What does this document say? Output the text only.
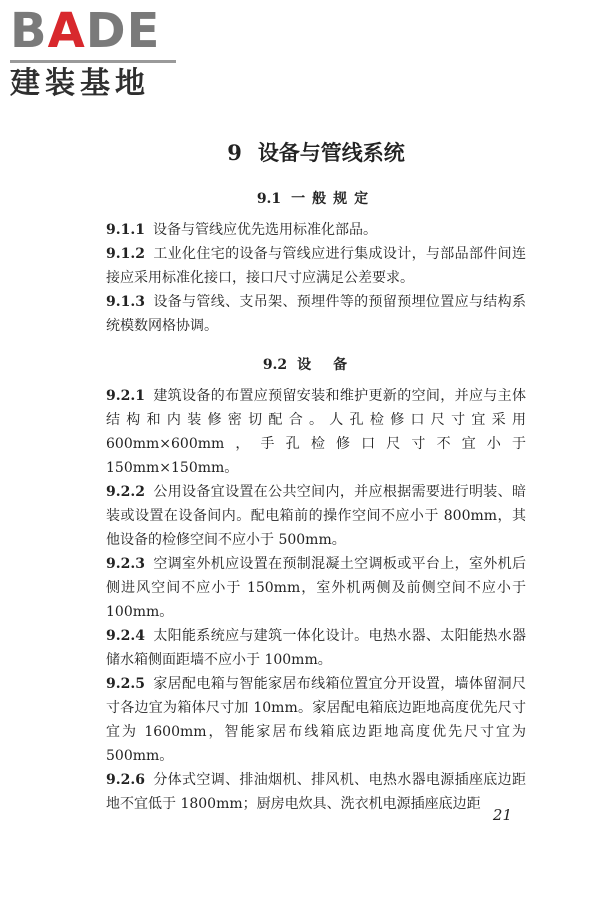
BADE
建装基地
9 设备与管线系统
9.1 一般规定

9.1.1 设备与管线应优先选用标准化部品。

9.1.2 工业化住宅的设备与管线应进行集成设计，与部品部件间连接应采用标准化接口，接口尺寸应满足公差要求。

9.1.3 设备与管线、支吊架、预埋件等的预留预埋位置应与结构系统模数网格协调。

9.2 设备

9.2.1 建筑设备的布置应预留安装和维护更新的空间，并应与主体结构和内装修密切配合。人孔检修口尺寸宜采用 600mm×600mm，手孔检修口尺寸不宜小于 150mm×150mm。

9.2.2 公用设备宜设置在公共空间内，并应根据需要进行明装、暗装或设置在设备间内。配电箱前的操作空间不应小于 800mm，其他设备的检修空间不应小于 500mm。

9.2.3 空调室外机应设置在预制混凝土空调板或平台上，室外机后侧进风空间不应小于 150mm，室外机两侧及前侧空间不应小于 100mm。

9.2.4 太阳能系统应与建筑一体化设计。电热水器、太阳能热水器储水箱侧面距墙不应小于 100mm。

9.2.5 家居配电箱与智能家居布线箱位置宜分开设置，墙体留洞尺寸各边宜为箱体尺寸加 10mm。家居配电箱底边距地高度优先尺寸宜为 1600mm，智能家居布线箱底边距地高度优先尺寸宜为 500mm。

9.2.6 分体式空调、排油烟机、排风机、电热水器电源插座底边距地不宜低于 1800mm；厨房电炊具、洗衣机电源插座底边距

21
